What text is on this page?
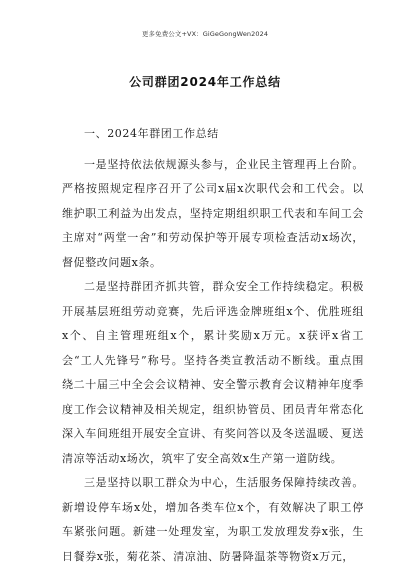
更多免费公文+VX：GiGeGongWen2024
公司群团2024年工作总结

一、2024年群团工作总结

一是坚持依法依规源头参与，企业民主管理再上台阶。严格按照规定程序召开了公司x届x次职代会和工代会。以维护职工利益为出发点，坚持定期组织职工代表和车间工会主席对“两堂一舍”和劳动保护等开展专项检查活动x场次，督促整改问题x条。

二是坚持群团齐抓共管，群众安全工作持续稳定。积极开展基层班组劳动竞赛，先后评选金牌班组x个、优胜班组x个、自主管理班组x个，累计奖励x万元。x获评x省工会“工人先锋号”称号。坚持各类宣教活动不断线。重点围绕二十届三中全会会议精神、安全警示教育会议精神年度季度工作会议精神及相关规定，组织协管员、团员青年常态化深入车间班组开展安全宣讲、有奖问答以及冬送温暖、夏送清凉等活动x场次，筑牢了安全高效x生产第一道防线。

三是坚持以职工群众为中心，生活服务保障持续改善。新增设停车场x处，增加各类车位x个，有效解决了职工停车紧张问题。新建一处理发室，为职工发放理发券x张，生日餐券x张，菊花茶、清凉油、防暑降温茶等物资x万元，
